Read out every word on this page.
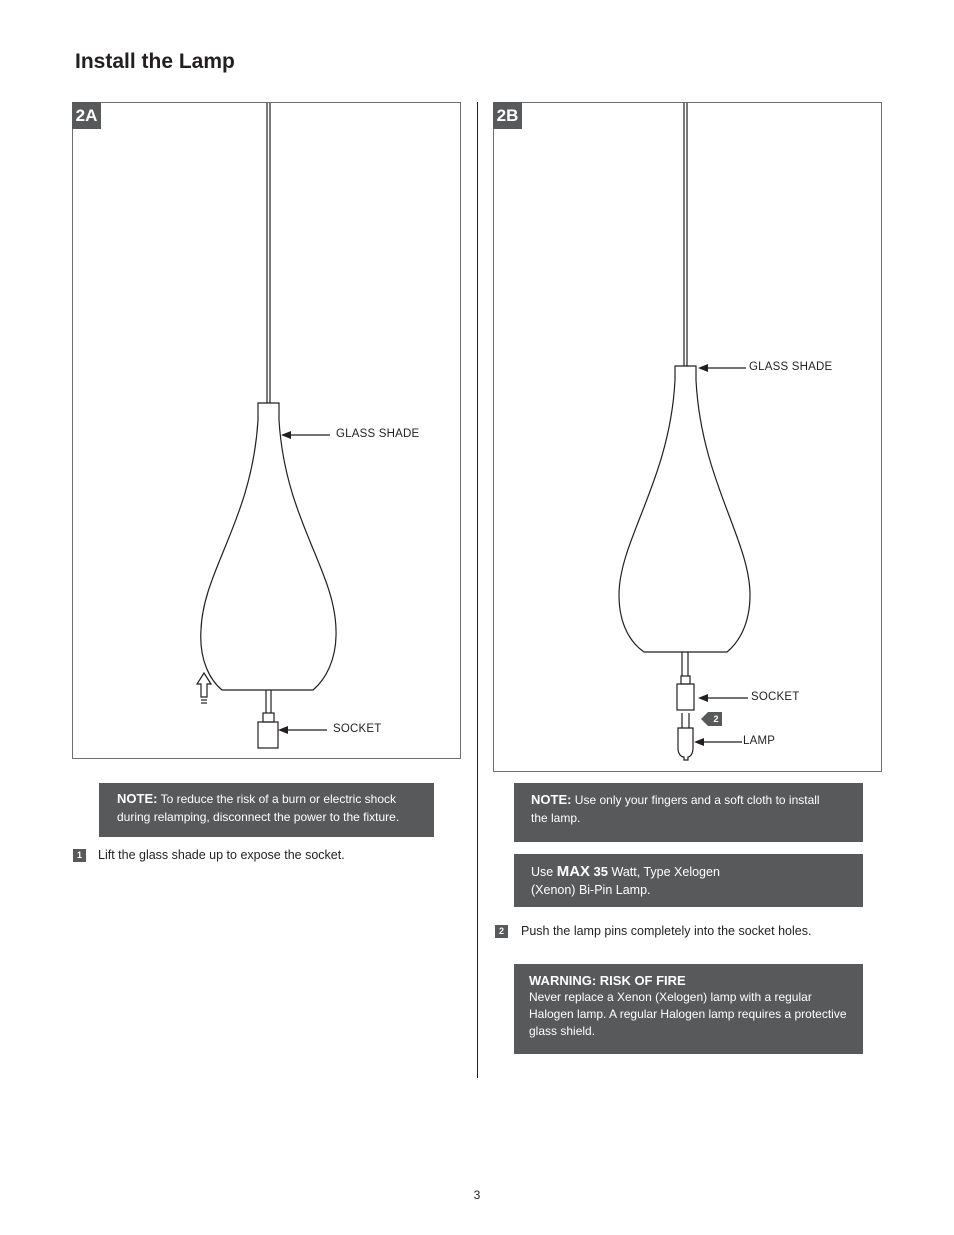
Install the Lamp
2A
GLASS SHADE
SOCKET
2B
GLASS SHADE
SOCKET
LAMP
2
NOTE: To reduce the risk of a burn or electric shock during relamping, disconnect the power to the fixture.
1	Lift the glass shade up to expose the socket.
NOTE: Use only your fingers and a soft cloth to install the lamp.
Use MAX 35 Watt, Type Xelogen
(Xenon) Bi-Pin Lamp.
2	Push the lamp pins completely into the socket holes.
WARNING: RISK OF FIRE
Never replace a Xenon (Xelogen) lamp with a regular Halogen lamp. A regular Halogen lamp requires a protective glass shield.
3
